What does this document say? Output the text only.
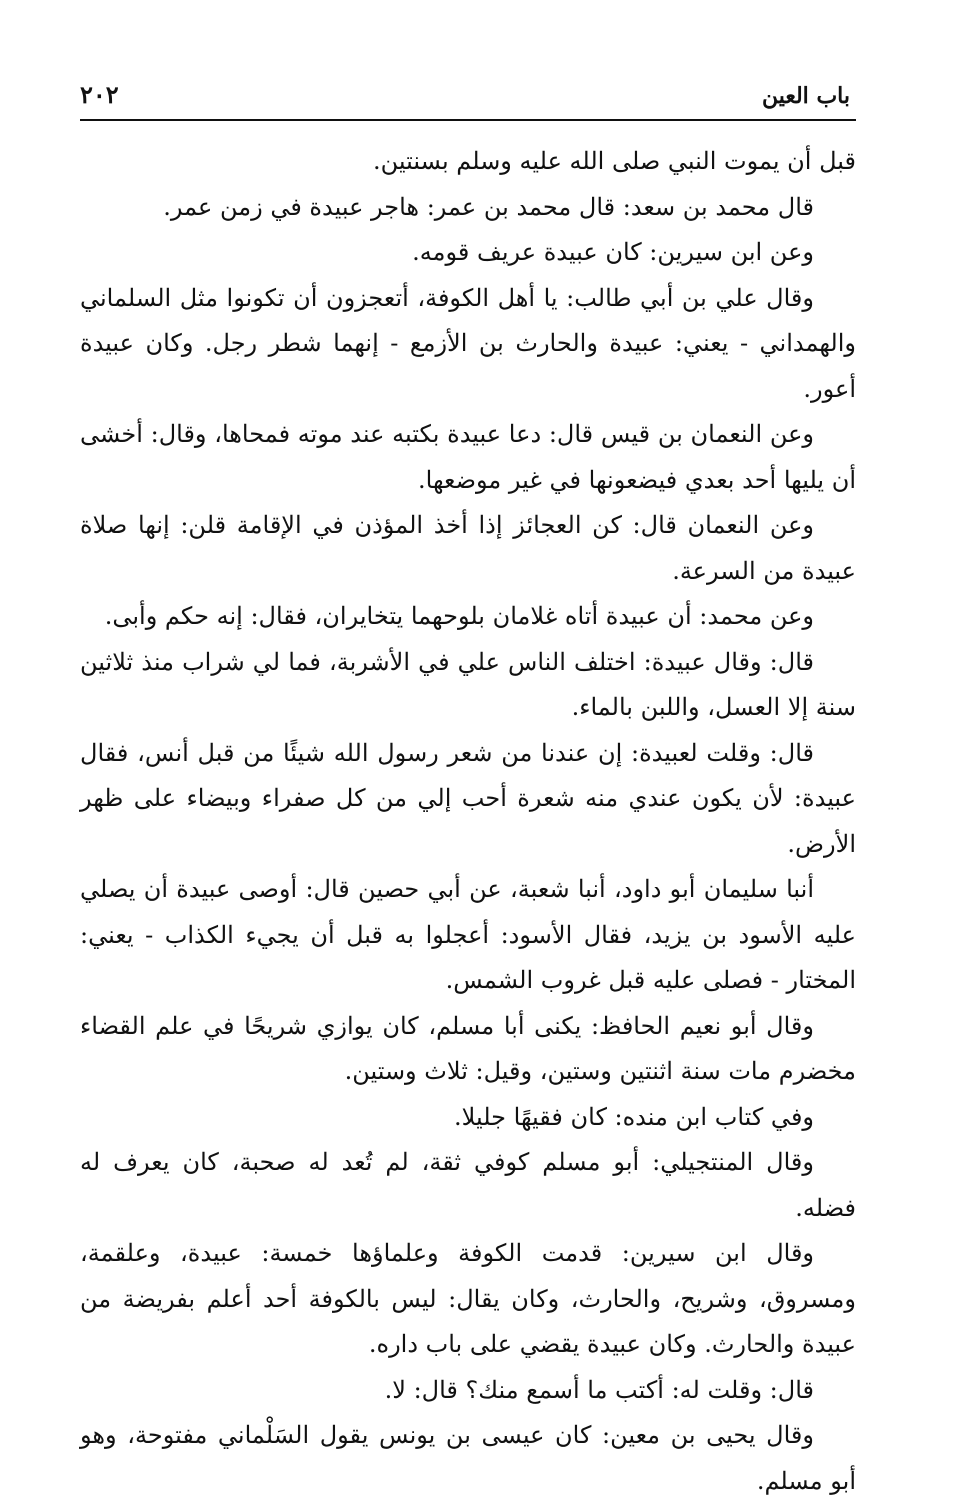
باب العين
٢٠٢

قبل أن يموت النبي صلى الله عليه وسلم بسنتين.

قال محمد بن سعد: قال محمد بن عمر: هاجر عبيدة في زمن عمر.

وعن ابن سيرين: كان عبيدة عريف قومه.

وقال علي بن أبي طالب: يا أهل الكوفة، أتعجزون أن تكونوا مثل السلماني والهمداني - يعني: عبيدة والحارث بن الأزمع - إنهما شطر رجل. وكان عبيدة أعور.

وعن النعمان بن قيس قال: دعا عبيدة بكتبه عند موته فمحاها، وقال: أخشى أن يليها أحد بعدي فيضعونها في غير موضعها.

وعن النعمان قال: كن العجائز إذا أخذ المؤذن في الإقامة قلن: إنها صلاة عبيدة من السرعة.

وعن محمد: أن عبيدة أتاه غلامان بلوحهما يتخايران، فقال: إنه حكم وأبى.

قال: وقال عبيدة: اختلف الناس علي في الأشربة، فما لي شراب منذ ثلاثين سنة إلا العسل، واللبن بالماء.

قال: وقلت لعبيدة: إن عندنا من شعر رسول الله شيئًا من قبل أنس، فقال عبيدة: لأن يكون عندي منه شعرة أحب إلي من كل صفراء وبيضاء على ظهر الأرض.

أنبا سليمان أبو داود، أنبا شعبة، عن أبي حصين قال: أوصى عبيدة أن يصلي عليه الأسود بن يزيد، فقال الأسود: أعجلوا به قبل أن يجيء الكذاب - يعني: المختار - فصلى عليه قبل غروب الشمس.

وقال أبو نعيم الحافظ: يكنى أبا مسلم، كان يوازي شريحًا في علم القضاء مخضرم مات سنة اثنتين وستين، وقيل: ثلاث وستين.

وفي كتاب ابن منده: كان فقيهًا جليلا.

وقال المنتجيلي: أبو مسلم كوفي ثقة، لم تُعد له صحبة، كان يعرف له فضله.

وقال ابن سيرين: قدمت الكوفة وعلماؤها خمسة: عبيدة، وعلقمة، ومسروق، وشريح، والحارث، وكان يقال: ليس بالكوفة أحد أعلم بفريضة من عبيدة والحارث. وكان عبيدة يقضي على باب داره.

قال: وقلت له: أكتب ما أسمع منك؟ قال: لا.

وقال يحيى بن معين: كان عيسى بن يونس يقول السَلْماني مفتوحة، وهو أبو مسلم.
